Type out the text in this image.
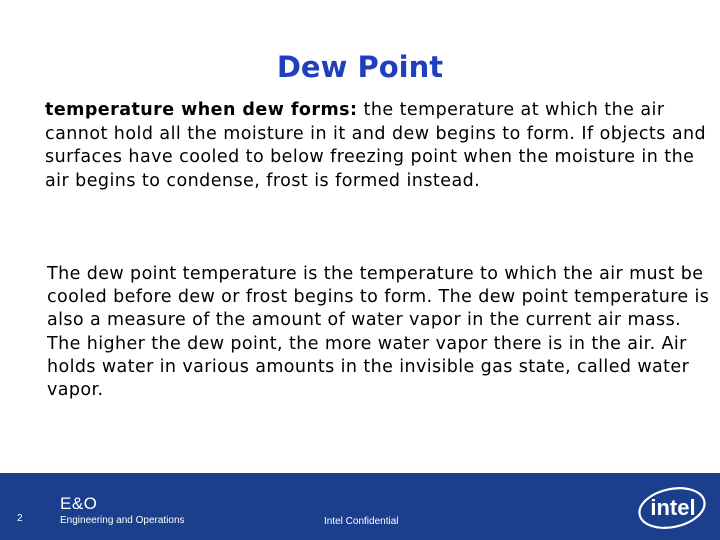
Dew Point

temperature when dew forms: the temperature at which the air cannot hold all the moisture in it and dew begins to form. If objects and surfaces have cooled to below freezing point when the moisture in the air begins to condense, frost is formed instead.

The dew point temperature is the temperature to which the air must be cooled before dew or frost begins to form. The dew point temperature is also a measure of the amount of water vapor in the current air mass. The higher the dew point, the more water vapor there is in the air. Air holds water in various amounts in the invisible gas state, called water vapor.

2
E&O
Engineering and Operations	Intel Confidential
intel
